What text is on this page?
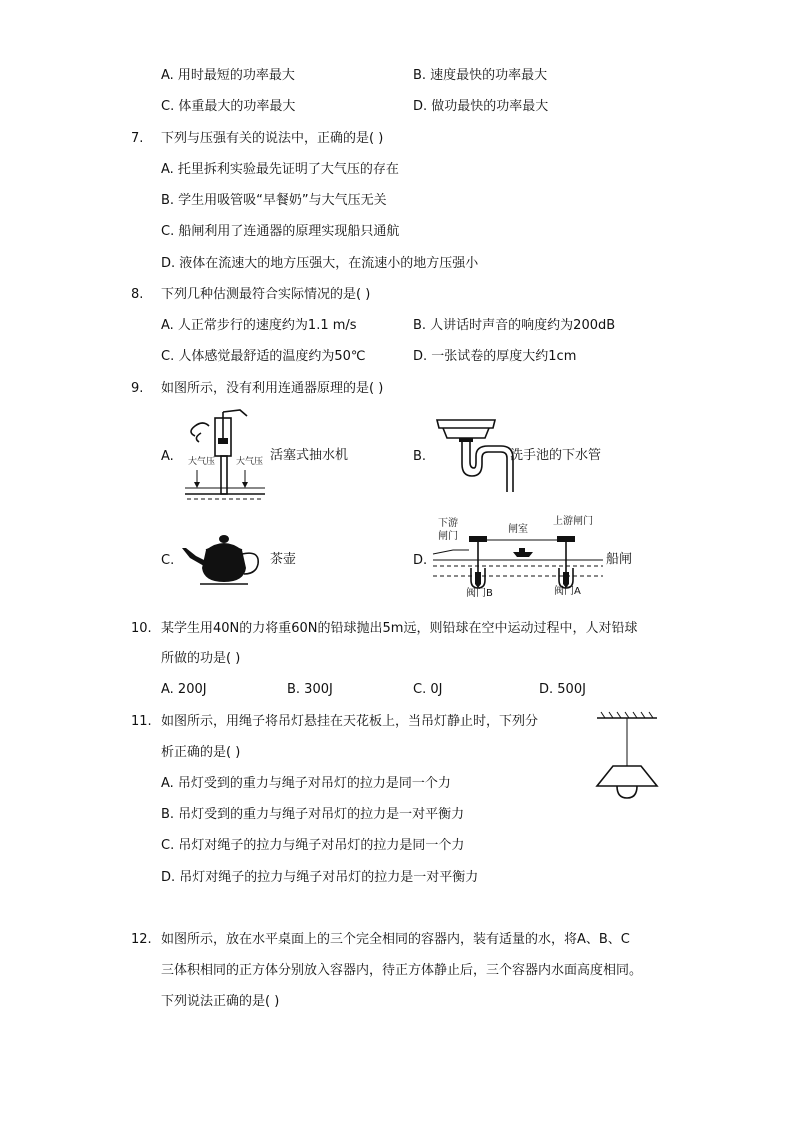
A. 用时最短的功率最大	B. 速度最快的功率最大
C. 体重最大的功率最大	D. 做功最快的功率最大
7. 下列与压强有关的说法中，正确的是( )
A. 托里拆利实验最先证明了大气压的存在
B. 学生用吸管吸“早餐奶”与大气压无关
C. 船闸利用了连通器的原理实现船只通航
D. 液体在流速大的地方压强大，在流速小的地方压强小
8. 下列几种估测最符合实际情况的是( )
A. 人正常步行的速度约为1.1 m/s	B. 人讲话时声音的响度约为200dB
C. 人体感觉最舒适的温度约为50℃	D. 一张试卷的厚度大约1cm
9. 如图所示，没有利用连通器原理的是( )
A. 大气压 大气压 活塞式抽水机	B.	洗手池的下水管
C.	茶壶	D.
下游
闸门
闸室
上游闸门
阀门B	阀门A
船闸
10. 某学生用40N的力将重60N的铅球抛出5m远，则铅球在空中运动过程中，人对铅球
所做的功是( )
A. 200J	B. 300J	C. 0J	D. 500J
11. 如图所示，用绳子将吊灯悬挂在天花板上，当吊灯静止时，下列分
析正确的是( )
A. 吊灯受到的重力与绳子对吊灯的拉力是同一个力
B. 吊灯受到的重力与绳子对吊灯的拉力是一对平衡力
C. 吊灯对绳子的拉力与绳子对吊灯的拉力是同一个力
D. 吊灯对绳子的拉力与绳子对吊灯的拉力是一对平衡力
12. 如图所示，放在水平桌面上的三个完全相同的容器内，装有适量的水，将A、B、C
三体积相同的正方体分别放入容器内，待正方体静止后，三个容器内水面高度相同。
下列说法正确的是( )
